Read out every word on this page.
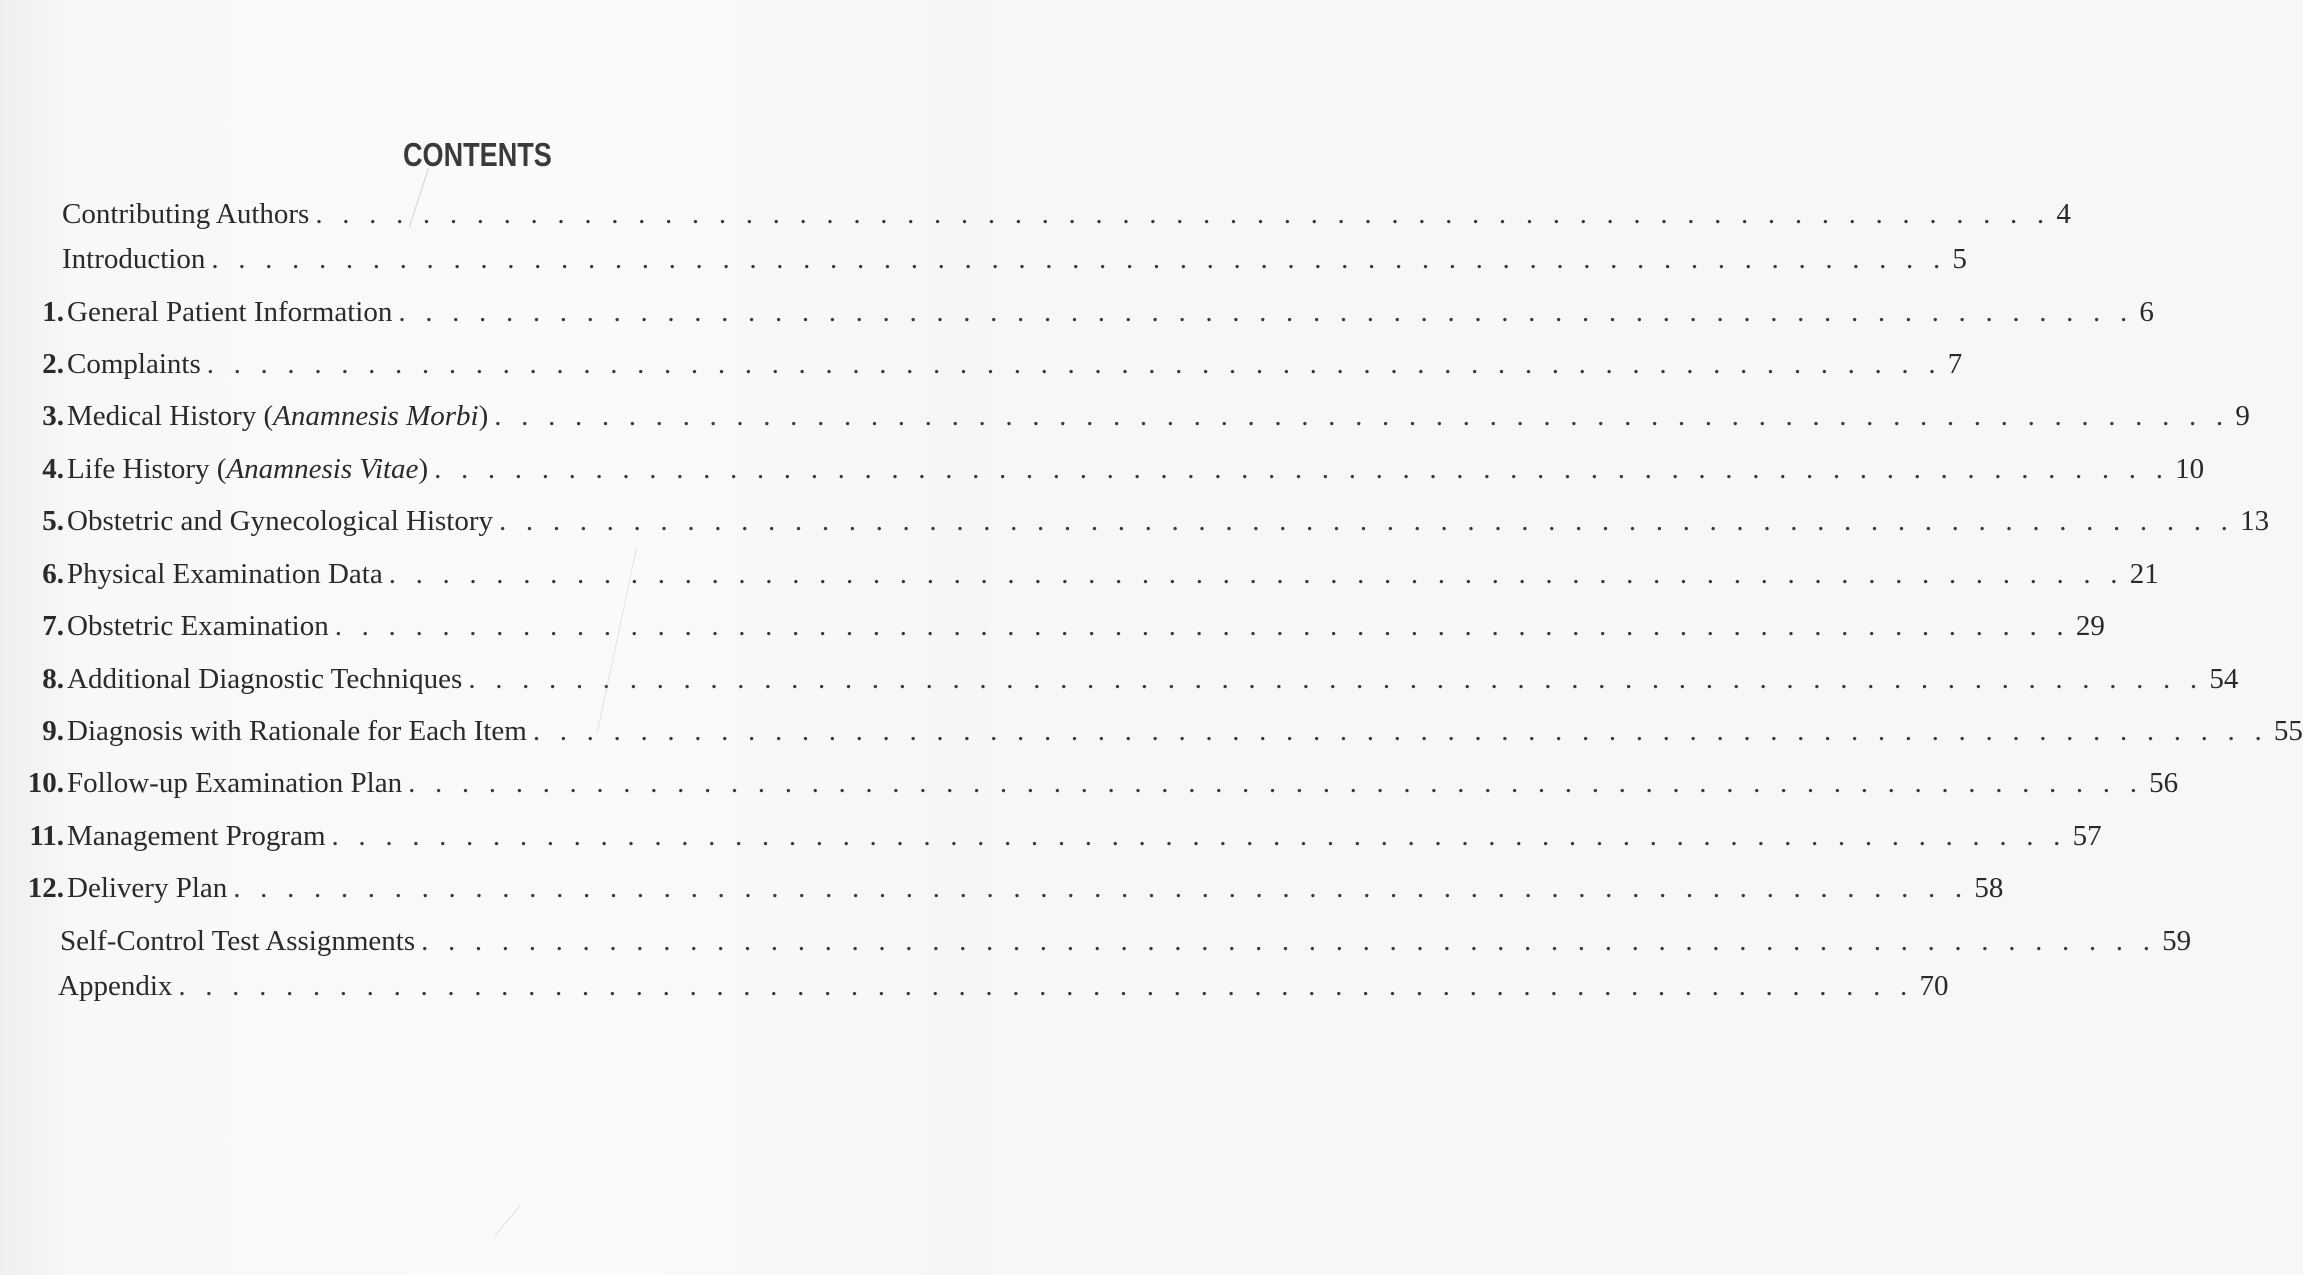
CONTENTS
Contributing Authors . . . . . . . . . . . . . . . . . . . . . . . . . . . . . . . . . . . . . . . . . . . . . . . . . . . . . . . . . . . . . . . . . 4
Introduction . . . . . . . . . . . . . . . . . . . . . . . . . . . . . . . . . . . . . . . . . . . . . . . . . . . . . . . . . . . . . . . . . 5
1. General Patient Information . . . . . . . . . . . . . . . . . . . . . . . . . . . . . . . . . . . . . . . . . . . . . . . . . . . . . . . . . . . . . . . . . 6
2. Complaints . . . . . . . . . . . . . . . . . . . . . . . . . . . . . . . . . . . . . . . . . . . . . . . . . . . . . . . . . . . . . . . . . 7
3. Medical History (Anamnesis Morbi) . . . . . . . . . . . . . . . . . . . . . . . . . . . . . . . . . . . . . . . . . . . . . . . . . . . . . . . . . . . . . . . . . 9
4. Life History (Anamnesis Vitae) . . . . . . . . . . . . . . . . . . . . . . . . . . . . . . . . . . . . . . . . . . . . . . . . . . . . . . . . . . . . . . . . . 10
5. Obstetric and Gynecological History . . . . . . . . . . . . . . . . . . . . . . . . . . . . . . . . . . . . . . . . . . . . . . . . . . . . . . . . . . . . . . . . . 13
6. Physical Examination Data . . . . . . . . . . . . . . . . . . . . . . . . . . . . . . . . . . . . . . . . . . . . . . . . . . . . . . . . . . . . . . . . . 21
7. Obstetric Examination . . . . . . . . . . . . . . . . . . . . . . . . . . . . . . . . . . . . . . . . . . . . . . . . . . . . . . . . . . . . . . . . . 29
8. Additional Diagnostic Techniques . . . . . . . . . . . . . . . . . . . . . . . . . . . . . . . . . . . . . . . . . . . . . . . . . . . . . . . . . . . . . . . . . 54
9. Diagnosis with Rationale for Each Item . . . . . . . . . . . . . . . . . . . . . . . . . . . . . . . . . . . . . . . . . . . . . . . . . . . . . . . . . . . . . . . . . 55
10. Follow-up Examination Plan . . . . . . . . . . . . . . . . . . . . . . . . . . . . . . . . . . . . . . . . . . . . . . . . . . . . . . . . . . . . . . . . . 56
11. Management Program . . . . . . . . . . . . . . . . . . . . . . . . . . . . . . . . . . . . . . . . . . . . . . . . . . . . . . . . . . . . . . . . . 57
12. Delivery Plan . . . . . . . . . . . . . . . . . . . . . . . . . . . . . . . . . . . . . . . . . . . . . . . . . . . . . . . . . . . . . . . . . 58
Self-Control Test Assignments . . . . . . . . . . . . . . . . . . . . . . . . . . . . . . . . . . . . . . . . . . . . . . . . . . . . . . . . . . . . . . . . . 59
Appendix . . . . . . . . . . . . . . . . . . . . . . . . . . . . . . . . . . . . . . . . . . . . . . . . . . . . . . . . . . . . . . . . . 70
